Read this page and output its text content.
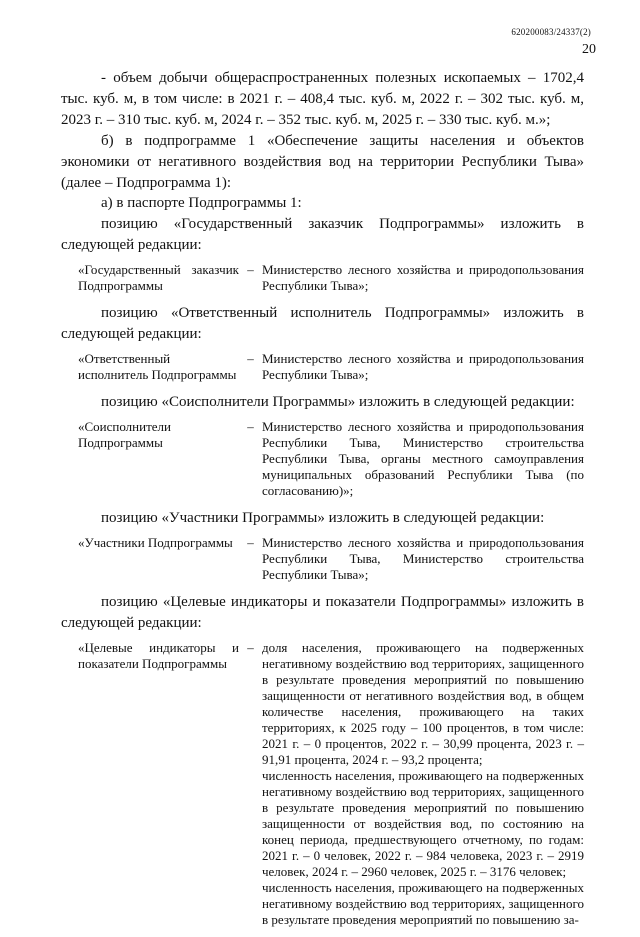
620200083/24337(2)
20

- объем добычи общераспространенных полезных ископаемых – 1702,4 тыс. куб. м, в том числе: в 2021 г. – 408,4 тыс. куб. м, 2022 г. – 302 тыс. куб. м, 2023 г. – 310 тыс. куб. м, 2024 г. – 352 тыс. куб. м, 2025 г. – 330 тыс. куб. м.»;

б) в подпрограмме 1 «Обеспечение защиты населения и объектов экономики от негативного воздействия вод на территории Республики Тыва» (далее – Подпрограмма 1):

а) в паспорте Подпрограммы 1:

позицию «Государственный заказчик Подпрограммы» изложить в следующей редакции:

«Государственный заказчик Подпрограммы
– Министерство лесного хозяйства и природопользования Республики Тыва»;

позицию «Ответственный исполнитель Подпрограммы» изложить в следующей редакции:

«Ответственный исполнитель Подпрограммы
– Министерство лесного хозяйства и природопользования Республики Тыва»;

позицию «Соисполнители Программы» изложить в следующей редакции:

«Соисполнители Подпрограммы
– Министерство лесного хозяйства и природопользования Республики Тыва, Министерство строительства Республики Тыва, органы местного самоуправления муниципальных образований Республики Тыва (по согласованию)»;

позицию «Участники Программы» изложить в следующей редакции:

«Участники Подпрограммы	– Министерство лесного хозяйства и природопользования Республики Тыва, Министерство строительства Республики Тыва»;

позицию «Целевые индикаторы и показатели Подпрограммы» изложить в следующей редакции:

«Целевые индикаторы и показатели Подпрограммы
– доля населения, проживающего на подверженных негативному воздействию вод территориях, защищенного в результате проведения мероприятий по повышению защищенности от негативного воздействия вод, в общем количестве населения, проживающего на таких территориях, к 2025 году – 100 процентов, в том числе: 2021 г. – 0 процентов, 2022 г. – 30,99 процента, 2023 г. – 91,91 процента, 2024 г. – 93,2 процента;
численность населения, проживающего на подверженных негативному воздействию вод территориях, защищенного в результате проведения мероприятий по повышению защищенности от воздействия вод, по состоянию на конец периода, предшествующего отчетному, по годам: 2021 г. – 0 человек, 2022 г. – 984 человека, 2023 г. – 2919 человек, 2024 г. – 2960 человек, 2025 г. – 3176 человек;
численность населения, проживающего на подверженных негативному воздействию вод территориях, защищенного в результате проведения мероприятий по повышению за-
